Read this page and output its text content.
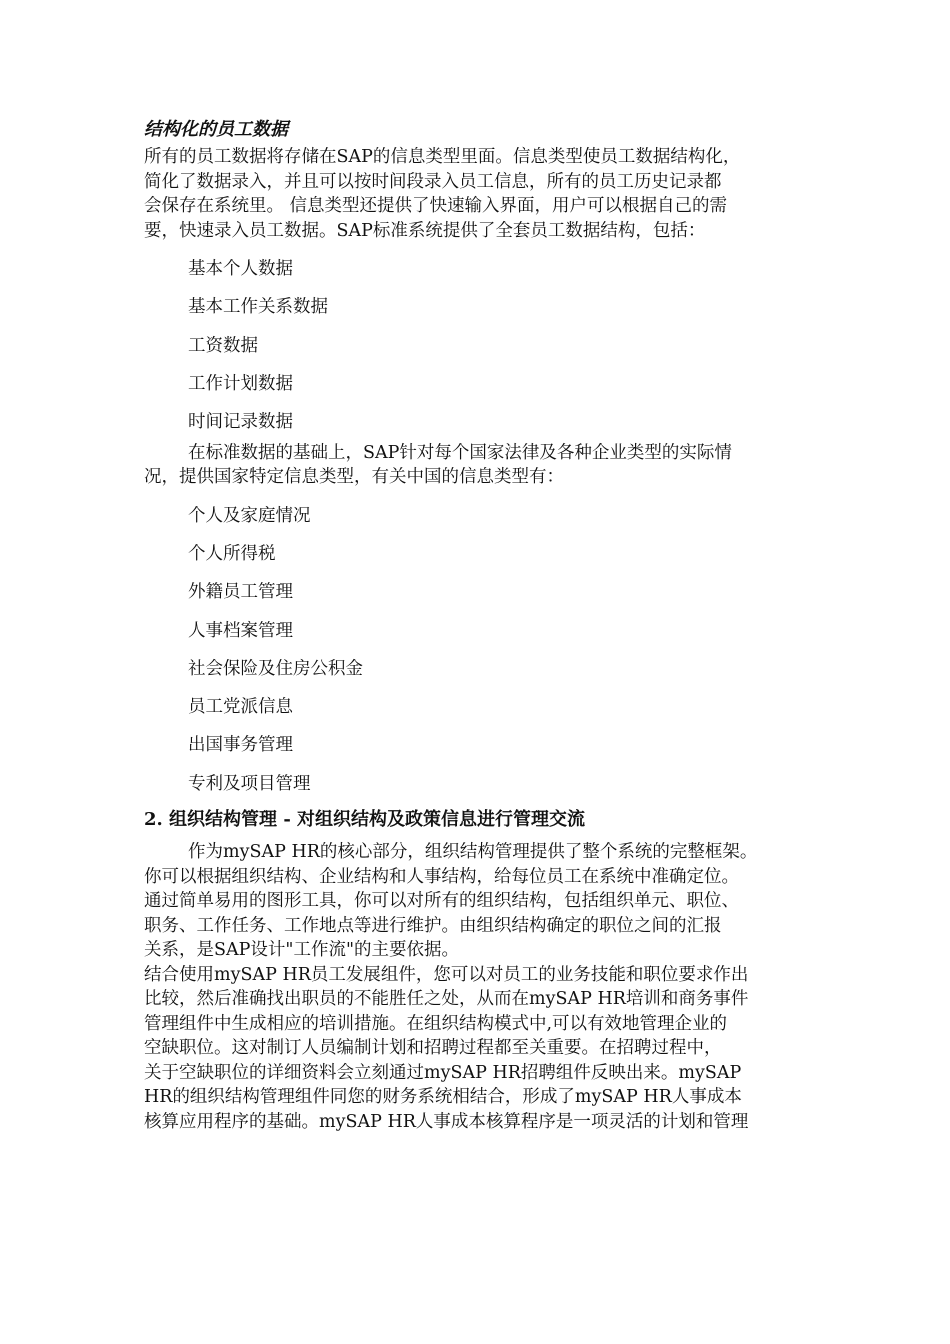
结构化的员工数据
所有的员工数据将存储在SAP的信息类型里面。信息类型使员工数据结构化，
简化了数据录入，并且可以按时间段录入员工信息，所有的员工历史记录都
会保存在系统里。 信息类型还提供了快速输入界面，用户可以根据自己的需
要，快速录入员工数据。SAP标准系统提供了全套员工数据结构，包括：
基本个人数据
基本工作关系数据
工资数据
工作计划数据
时间记录数据
在标准数据的基础上，SAP针对每个国家法律及各种企业类型的实际情
况，提供国家特定信息类型，有关中国的信息类型有：
个人及家庭情况
个人所得税
外籍员工管理
人事档案管理
社会保险及住房公积金
员工党派信息
出国事务管理
专利及项目管理
2. 组织结构管理 - 对组织结构及政策信息进行管理交流
作为mySAP HR的核心部分，组织结构管理提供了整个系统的完整框架。
你可以根据组织结构、企业结构和人事结构，给每位员工在系统中准确定位。
通过简单易用的图形工具，你可以对所有的组织结构，包括组织单元、职位、
职务、工作任务、工作地点等进行维护。由组织结构确定的职位之间的汇报
关系，是SAP设计"工作流"的主要依据。
结合使用mySAP HR员工发展组件，您可以对员工的业务技能和职位要求作出
比较，然后准确找出职员的不能胜任之处，从而在mySAP HR培训和商务事件
管理组件中生成相应的培训措施。在组织结构模式中,可以有效地管理企业的
空缺职位。这对制订人员编制计划和招聘过程都至关重要。在招聘过程中，
关于空缺职位的详细资料会立刻通过mySAP HR招聘组件反映出来。mySAP
HR的组织结构管理组件同您的财务系统相结合，形成了mySAP HR人事成本
核算应用程序的基础。mySAP HR人事成本核算程序是一项灵活的计划和管理
